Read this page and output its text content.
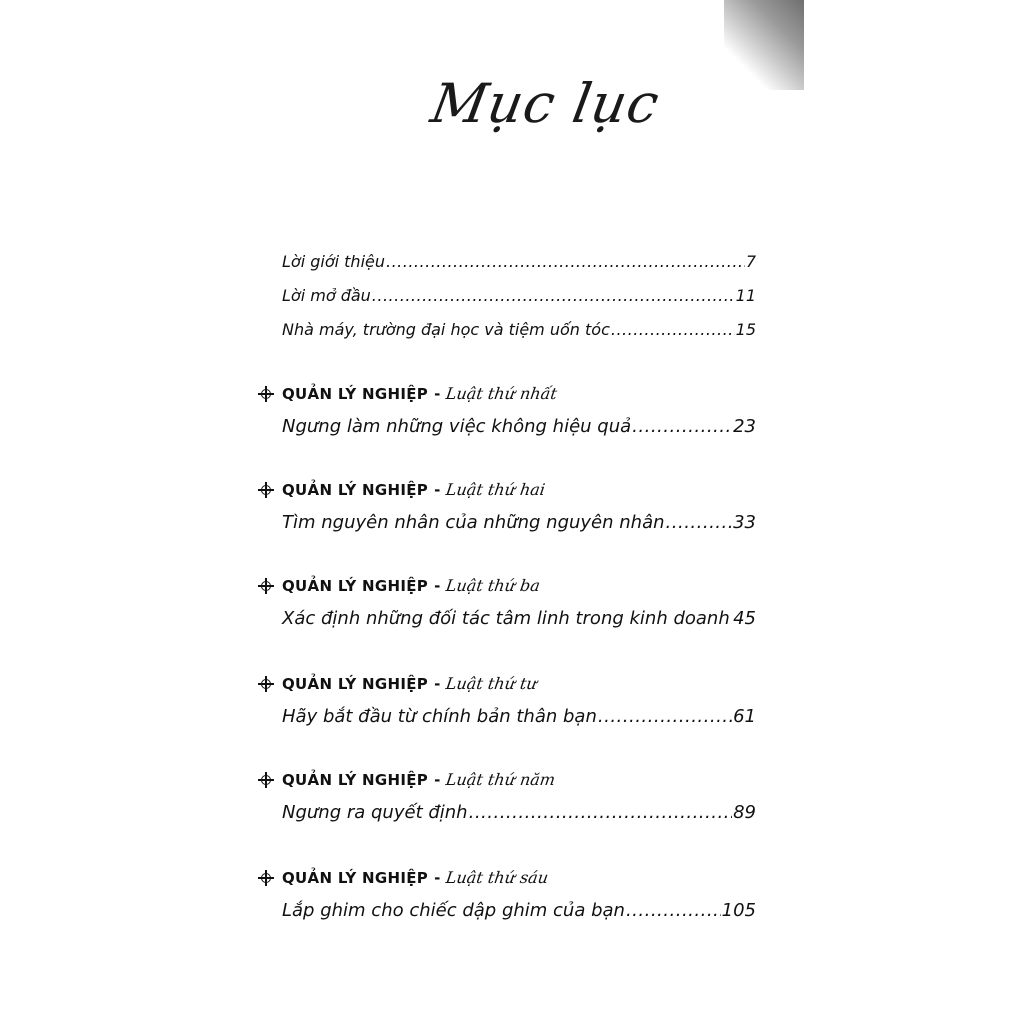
Mục lục
Lời giới thiệu .....	7
Lời mở đầu .....	11
Nhà máy, trường đại học và tiệm uốn tóc .....	15
QUẢN LÝ NGHIỆP - Luật thứ nhất
Ngưng làm những việc không hiệu quả .....	23
QUẢN LÝ NGHIỆP - Luật thứ hai
Tìm nguyên nhân của những nguyên nhân .....	33
QUẢN LÝ NGHIỆP - Luật thứ ba
Xác định những đối tác tâm linh trong kinh doanh ..... 45
QUẢN LÝ NGHIỆP - Luật thứ tư
Hãy bắt đầu từ chính bản thân bạn .....	61
QUẢN LÝ NGHIỆP - Luật thứ năm
Ngưng ra quyết định .....	89
QUẢN LÝ NGHIỆP - Luật thứ sáu
Lắp ghim cho chiếc dập ghim của bạn .....	105
